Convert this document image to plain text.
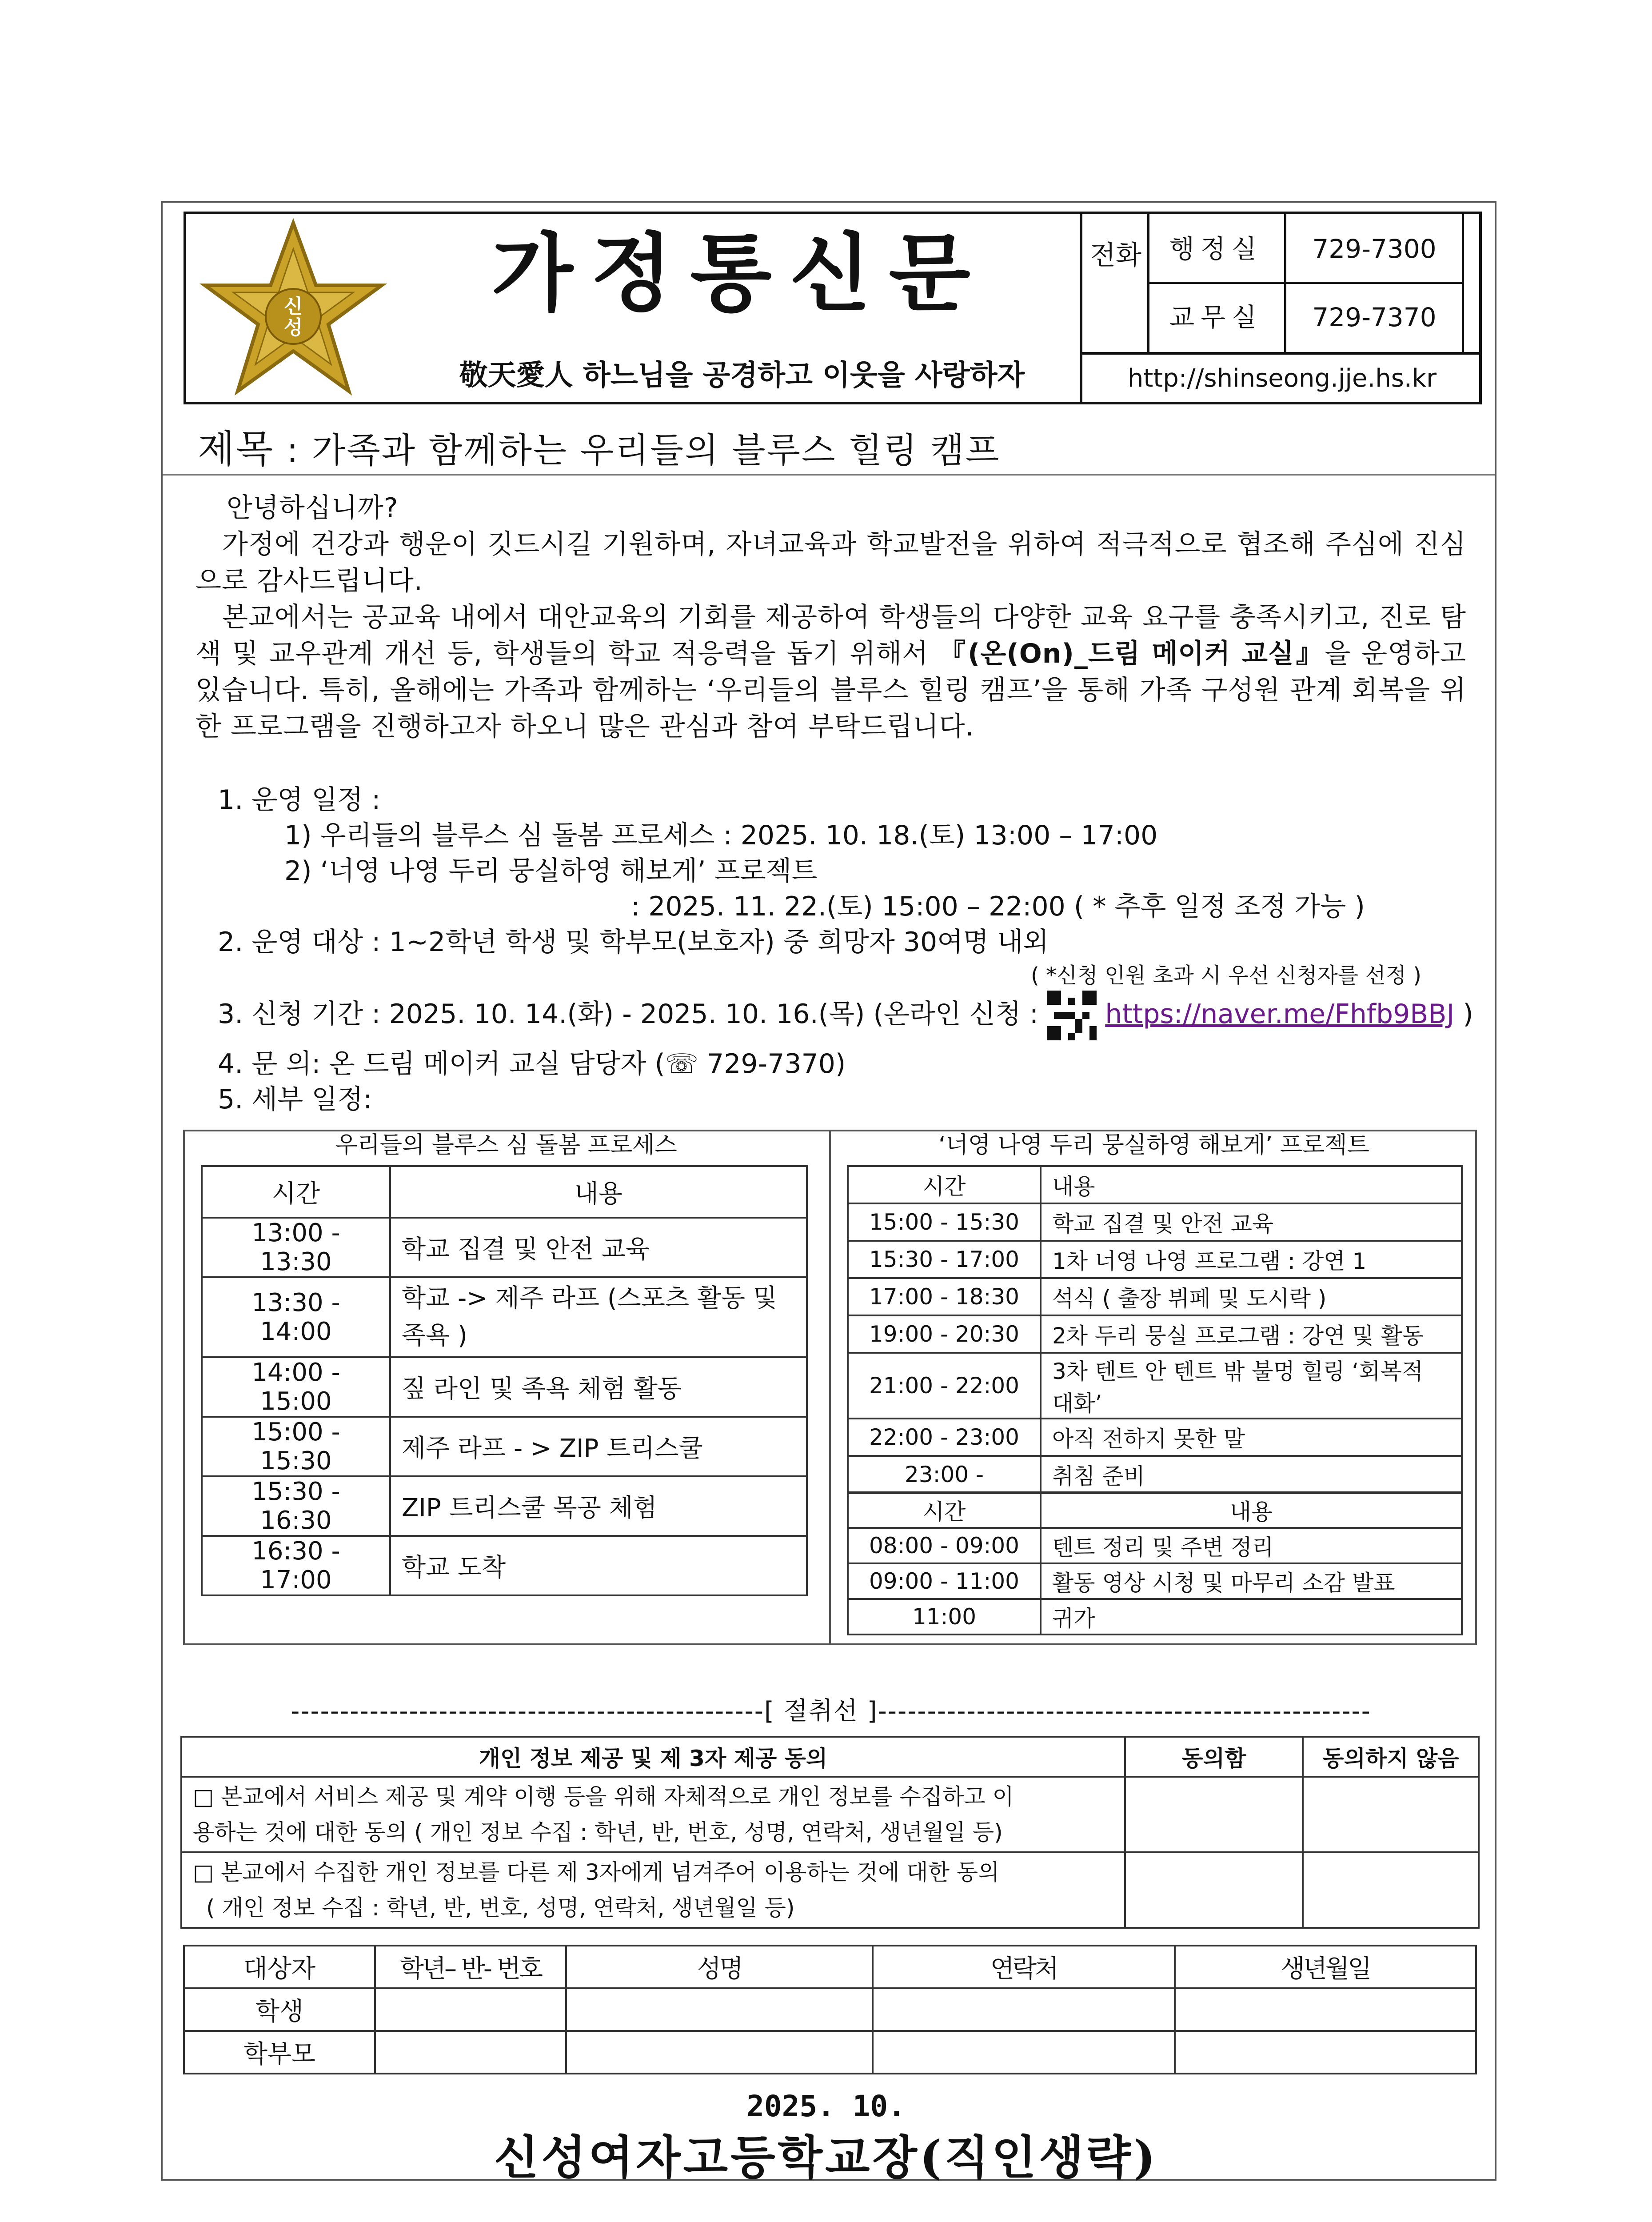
신
성
가정통신문
敬天愛人 하느님을 공경하고 이웃을 사랑하자
전화	행정실	729-7300
교무실	729-7370
http://shinseong.jje.hs.kr
제목 : 가족과 함께하는 우리들의 블루스 힐링 캠프
안녕하십니까?
가정에 건강과 행운이 깃드시길 기원하며, 자녀교육과 학교발전을 위하여 적극적으로 협조해 주심에 진심으로 감사드립니다.
본교에서는 공교육 내에서 대안교육의 기회를 제공하여 학생들의 다양한 교육 요구를 충족시키고, 진로 탐색 및 교우관계 개선 등, 학생들의 학교 적응력을 돕기 위해서 『(온(On)_드림 메이커 교실』을 운영하고 있습니다. 특히, 올해에는 가족과 함께하는 ‘우리들의 블루스 힐링 캠프’을 통해 가족 구성원 관계 회복을 위한 프로그램을 진행하고자 하오니 많은 관심과 참여 부탁드립니다.
1. 운영 일정 :
1) 우리들의 블루스 심 돌봄 프로세스 : 2025. 10. 18.(토) 13:00 – 17:00
2) ‘너영 나영 두리 뭉실하영 해보게’ 프로젝트
: 2025. 11. 22.(토) 15:00 – 22:00 ( * 추후 일정 조정 가능 )
2. 운영 대상 : 1~2학년 학생 및 학부모(보호자) 중 희망자 30여명 내외
( *신청 인원 초과 시 우선 신청자를 선정 )
3. 신청 기간 : 2025. 10. 14.(화) - 2025. 10. 16.(목) (온라인 신청 :	https://naver.me/Fhfb9BBJ )
4. 문 의: 온 드림 메이커 교실 담당자 (☏ 729-7370)
5. 세부 일정:
우리들의 블루스 심 돌봄 프로세스
시간	내용
13:00 - 13:30	학교 집결 및 안전 교육
13:30 - 14:00	학교 -> 제주 라프 (스포츠 활동 및 족욕 )
14:00 - 15:00	짚 라인 및 족욕 체험 활동
15:00 - 15:30	제주 라프 - > ZIP 트리스쿨
15:30 - 16:30	ZIP 트리스쿨 목공 체험
16:30 - 17:00	학교 도착
‘너영 나영 두리 뭉실하영 해보게’ 프로젝트
시간	내용
15:00 - 15:30	학교 집결 및 안전 교육
15:30 - 17:00	1차 너영 나영 프로그램 : 강연 1
17:00 - 18:30	석식 ( 출장 뷔페 및 도시락 )
19:00 - 20:30	2차 두리 뭉실 프로그램 : 강연 및 활동
21:00 - 22:00	3차 텐트 안 텐트 밖 불멍 힐링 ‘회복적 대화’
22:00 - 23:00	아직 전하지 못한 말
23:00 -	취침 준비
시간	내용
08:00 - 09:00	텐트 정리 및 주변 정리
09:00 - 11:00	활동 영상 시청 및 마무리 소감 발표
11:00	귀가
------------------------------------------------[ 절취선 ]--------------------------------------------------
개인 정보 제공 및 제 3자 제공 동의	동의함	동의하지 않음

□ 본교에서 서비스 제공 및 계약 이행 등을 위해 자체적으로 개인 정보를 수집하고 이
용하는 것에 대한 동의 ( 개인 정보 수집 : 학년, 반, 번호, 성명, 연락처, 생년월일 등)		

□ 본교에서 수집한 개인 정보를 다른 제 3자에게 넘겨주어 이용하는 것에 대한 동의
( 개인 정보 수집 : 학년, 반, 번호, 성명, 연락처, 생년월일 등)		

대상자	학년– 반- 번호	성명	연락처	생년월일
학생				
학부모				
2025. 10.
신성여자고등학교장(직인생략)
